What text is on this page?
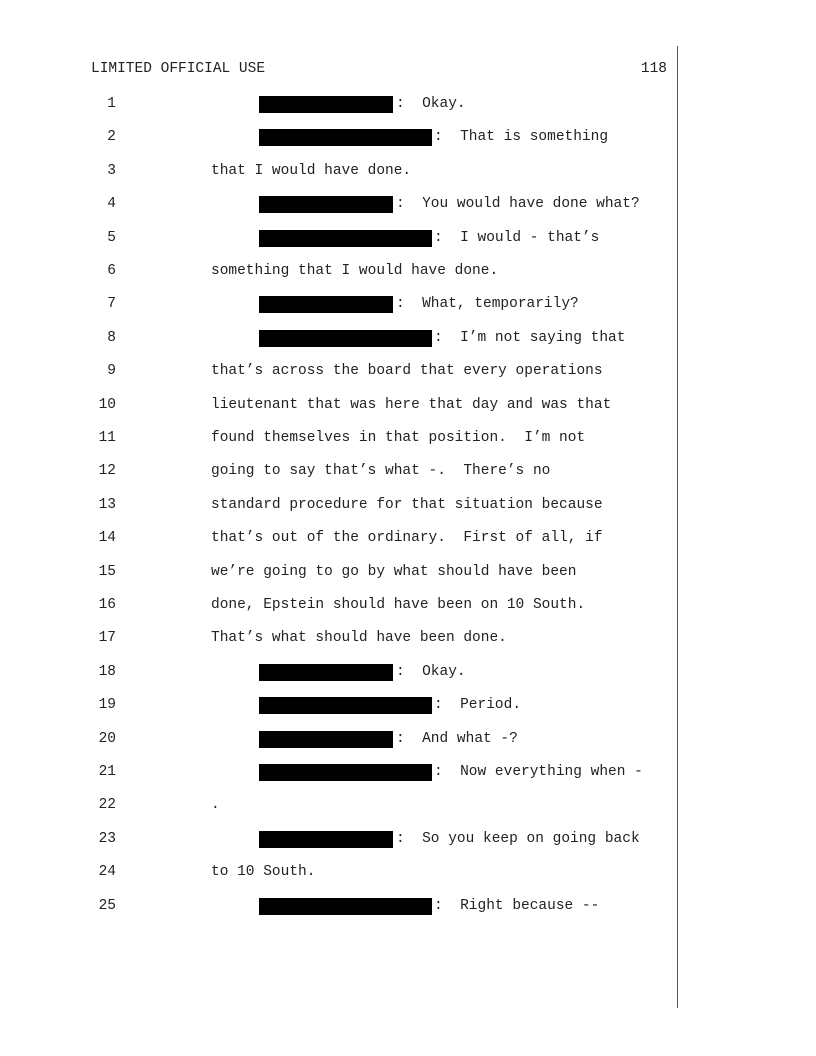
LIMITED OFFICIAL USE	118
1	:  Okay.
2	:  That is something
3	that I would have done.
4	:  You would have done what?
5	:  I would - that’s
6	something that I would have done.
7	:  What, temporarily?
8	:  I’m not saying that
9	that’s across the board that every operations
10	lieutenant that was here that day and was that
11	found themselves in that position.  I’m not
12	going to say that’s what -.  There’s no
13	standard procedure for that situation because
14	that’s out of the ordinary.  First of all, if
15	we’re going to go by what should have been
16	done, Epstein should have been on 10 South.
17	That’s what should have been done.
18	:  Okay.
19	:  Period.
20	:  And what -?
21	:  Now everything when -
22	.
23	:  So you keep on going back
24	to 10 South.
25	:  Right because --
